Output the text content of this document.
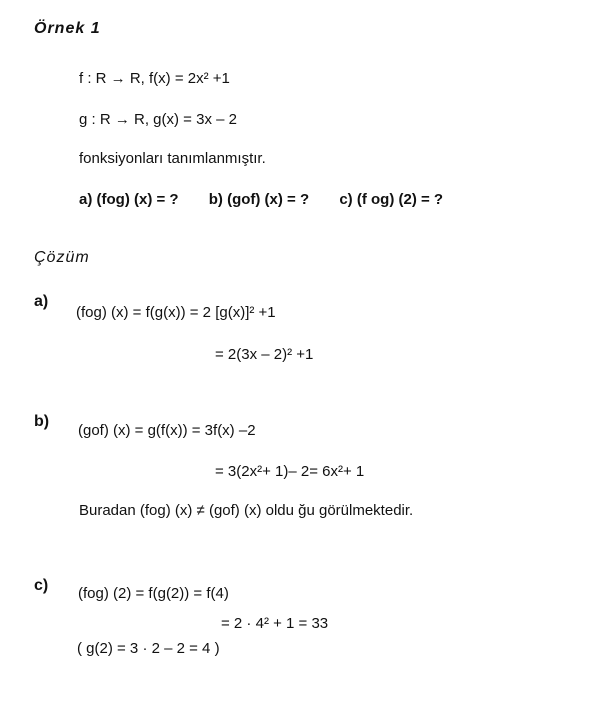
Örnek 1
f : R → R, f(x) = 2x² +1
g : R → R, g(x) = 3x – 2
fonksiyonları tanımlanmıştır.
a) (fog) (x) = ? b) (gof) (x) = ? c) (f og) (2) = ?
Çözüm
a)
(fog) (x) = f(g(x)) = 2 [g(x)]² +1
= 2(3x – 2)² +1
b)
(gof) (x) = g(f(x)) = 3f(x) –2
= 3(2x²+ 1)– 2= 6x²+ 1
Buradan (fog) (x) ≠ (gof) (x) oldu ğu görülmektedir.
c) (fog) (2) = f(g(2)) = f(4)
= 2 · 4² + 1 = 33
( g(2) = 3 · 2 – 2 = 4 )
